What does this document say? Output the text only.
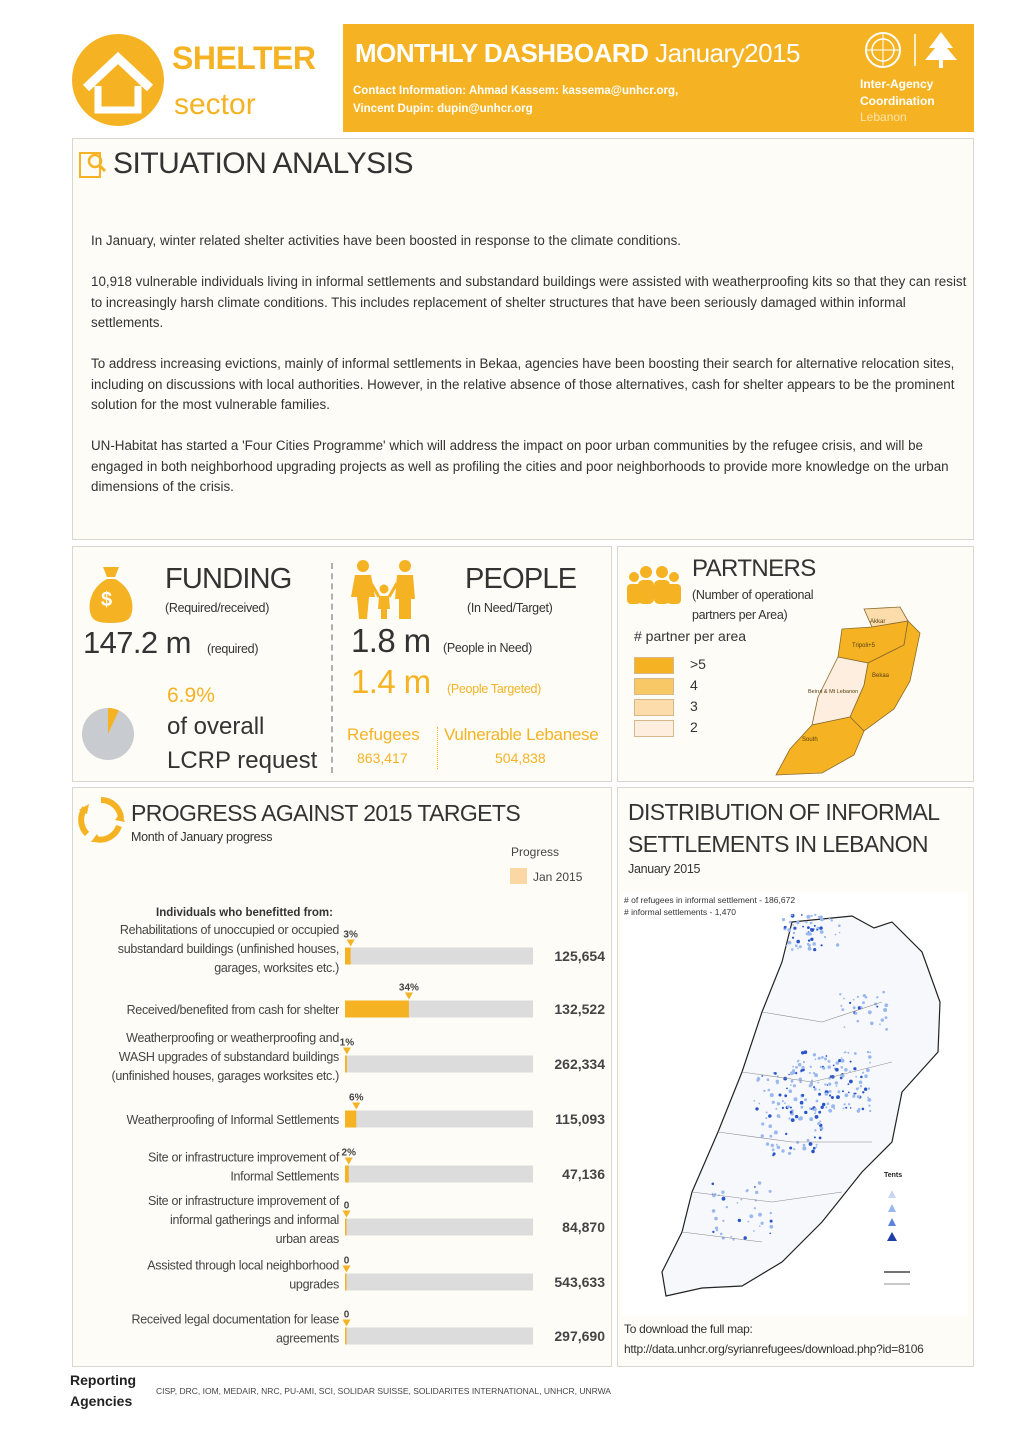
SHELTER
sector
MONTHLY DASHBOARD January2015
Contact Information: Ahmad Kassem: kassema@unhcr.org,
Vincent Dupin: dupin@unhcr.org
Inter-Agency
Coordination
Lebanon
SITUATION ANALYSIS

In January, winter related shelter activities have been boosted in response to the climate conditions.

10,918 vulnerable individuals living in informal settlements and substandard buildings were assisted with weatherproofing kits so that they can resist to increasingly harsh climate conditions. This includes replacement of shelter structures that have been seriously damaged within informal settlements.

To address increasing evictions, mainly of informal settlements in Bekaa, agencies have been boosting their search for alternative relocation sites, including on discussions with local authorities. However, in the relative absence of those alternatives, cash for shelter appears to be the prominent solution for the most vulnerable families.

UN-Habitat has started a 'Four Cities Programme' which will address the impact on poor urban communities by the refugee crisis, and will be engaged in both neighborhood upgrading projects as well as profiling the cities and poor neighborhoods to provide more knowledge on the urban dimensions of the crisis.

$
FUNDING
(Required/received)
147.2 m (required)
6.9%
of overall
LCRP request
PEOPLE
(In Need/Target)
1.8 m (People in Need)
1.4 m (People Targeted)
Refugees
863,417
Vulnerable Lebanese
504,838
PARTNERS
(Number of operational
partners per Area)
# partner per area
Akkar
Tripoli+5
Bekaa
Beirut & Mt Lebanon
South
>5
4
3
2
PROGRESS AGAINST 2015 TARGETS
Month of January progress
Progress
Jan 2015
Individuals who benefitted from:
3%
125,654
Rehabilitations of unoccupied or occupied
substandard buildings (unfinished houses,
garages, worksites etc.)
34%
132,522
Received/benefited from cash for shelter
1%
262,334
Weatherproofing or weatherproofing and
WASH upgrades of substandard buildings
(unfinished houses, garages worksites etc.)
6%
115,093
Weatherproofing of Informal Settlements
2%
47,136
Site or infrastructure improvement of
Informal Settlements
0
84,870
Site or infrastructure improvement of
informal gatherings and informal
urban areas
0
543,633
Assisted through local neighborhood
upgrades
0
297,690
Received legal documentation for lease
agreements
DISTRIBUTION OF INFORMAL
SETTLEMENTS IN LEBANON
January 2015
# of refugees in informal settlement - 186,672
# informal settlements - 1,470
Tents
To download the full map:
http://data.unhcr.org/syrianrefugees/download.php?id=8106
Reporting
Agencies
CISP, DRC, IOM, MEDAIR, NRC, PU-AMI, SCI, SOLIDAR SUISSE, SOLIDARITES INTERNATIONAL, UNHCR, UNRWA
